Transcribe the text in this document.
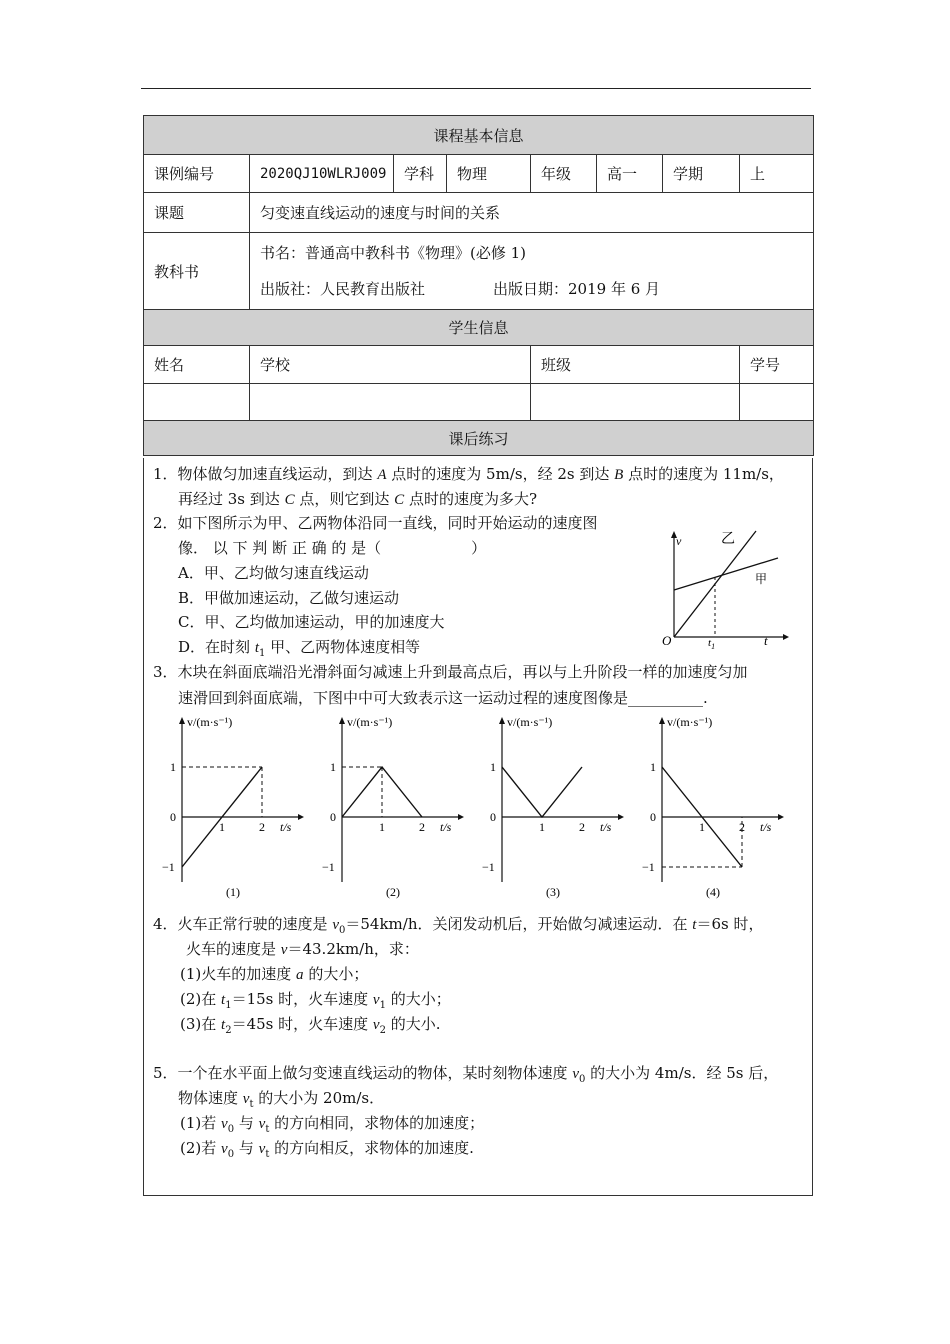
课程基本信息							
课例编号	2020QJ10WLRJ009	学科	物理	年级	高一	学期	上
课题	匀变速直线运动的速度与时间的关系						
教科书	书名：普通高中教科书《物理》(必修 1)
出版社：人民教育出版社 出版日期：2019 年 6 月						

学生信息							
姓名	学校			班级			学号

课后练习							
1．物体做匀加速直线运动，到达 A 点时的速度为 5m/s，经 2s 到达 B 点时的速度为 11m/s，
再经过 3s 到达 C 点，则它到达 C 点时的速度为多大?
2．如下图所示为甲、乙两物体沿同一直线，同时开始运动的速度图
像． 以 下 判 断 正 确 的 是（　　　　　　）
A．甲、乙均做匀速直线运动
B．甲做加速运动，乙做匀速运动
C．甲、乙均做加速运动，甲的加速度大
D．在时刻 $t_1$ 甲、乙两物体速度相等
v
t
O	$t_1$
乙
甲
3．木块在斜面底端沿光滑斜面匀减速上升到最高点后，再以与上升阶段一样的加速度匀加
速滑回到斜面底端，下图中中可大致表示这一运动过程的速度图像是__________.
v/(m·s⁻¹)
t/s
1
0
−1
1	2
(1)
v/(m·s⁻¹)
t/s
1
0
−1
1	2
(2)
v/(m·s⁻¹)
t/s
1
0
−1
1	2
(3)
v/(m·s⁻¹)
t/s
1
0
−1
1	2
(4)
4．火车正常行驶的速度是 $v_0=54km/h$．关闭发动机后，开始做匀减速运动．在 t＝6s 时，
火车的速度是 v＝43.2km/h，求：
(1)火车的加速度 a 的大小；
(2)在 $t_1=15s$ 时，火车速度 $v_1$ 的大小；
(3)在 $t_2=45s$ 时，火车速度 $v_2$ 的大小.
5．一个在水平面上做匀变速直线运动的物体，某时刻物体速度 $v_0$ 的大小为 4m/s．经 5s 后，
物体速度 $v_t$ 的大小为 20m/s．
(1)若 $v_0$ 与 $v_t$ 的方向相同，求物体的加速度；
(2)若 $v_0$ 与 $v_t$ 的方向相反，求物体的加速度.
